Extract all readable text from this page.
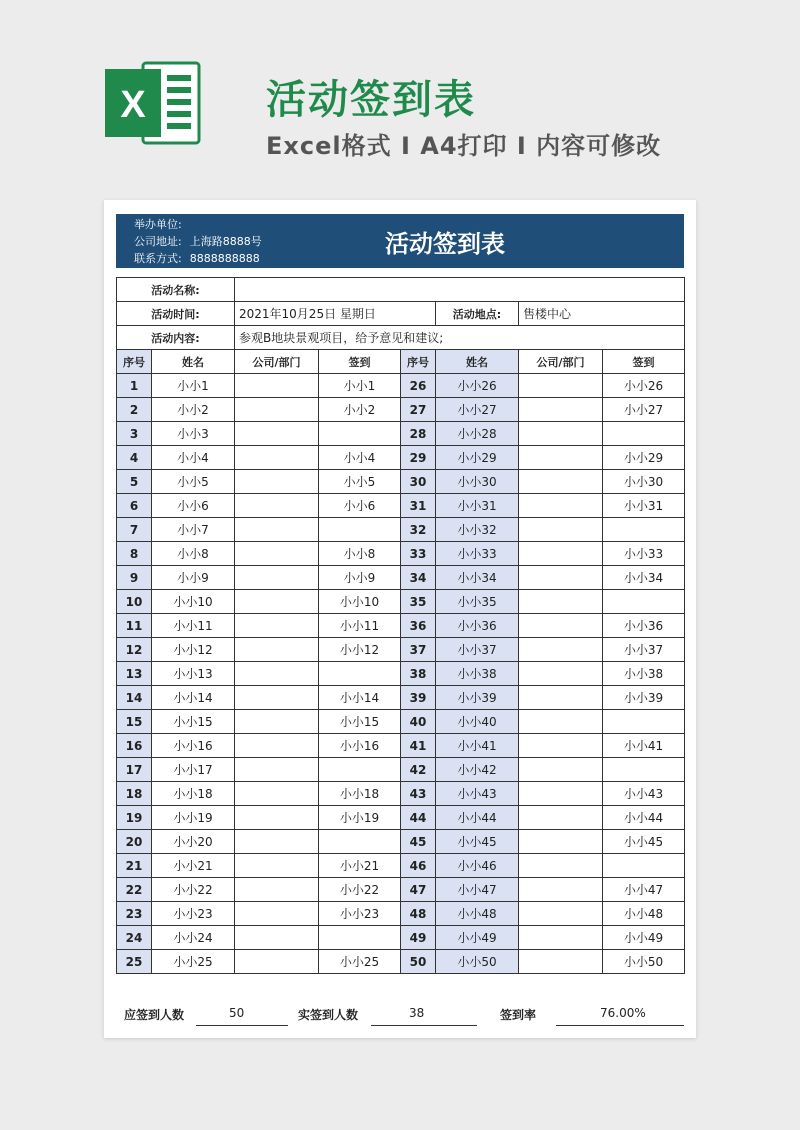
X	活动签到表
Excel格式 I A4打印 I 内容可修改
举办单位:
公司地址: 上海路8888号
联系方式: 8888888888
活动签到表
活动名称:							
活动时间:		2021年10月25日 星期日			活动地点:	售楼中心	
活动内容:		参观B地块景观项目，给予意见和建议;					
序号	姓名	公司/部门	签到	序号	姓名	公司/部门	签到
1	小小1		小小1	26	小小26		小小26
2	小小2		小小2	27	小小27		小小27
3	小小3			28	小小28		
4	小小4		小小4	29	小小29		小小29
5	小小5		小小5	30	小小30		小小30
6	小小6		小小6	31	小小31		小小31
7	小小7			32	小小32		
8	小小8		小小8	33	小小33		小小33
9	小小9		小小9	34	小小34		小小34
10	小小10		小小10	35	小小35		
11	小小11		小小11	36	小小36		小小36
12	小小12		小小12	37	小小37		小小37
13	小小13			38	小小38		小小38
14	小小14		小小14	39	小小39		小小39
15	小小15		小小15	40	小小40		
16	小小16		小小16	41	小小41		小小41
17	小小17			42	小小42		
18	小小18		小小18	43	小小43		小小43
19	小小19		小小19	44	小小44		小小44
20	小小20			45	小小45		小小45
21	小小21		小小21	46	小小46		
22	小小22		小小22	47	小小47		小小47
23	小小23		小小23	48	小小48		小小48
24	小小24			49	小小49		小小49
25	小小25		小小25	50	小小50		小小50
应签到人数	50	实签到人数	38	签到率	76.00%
